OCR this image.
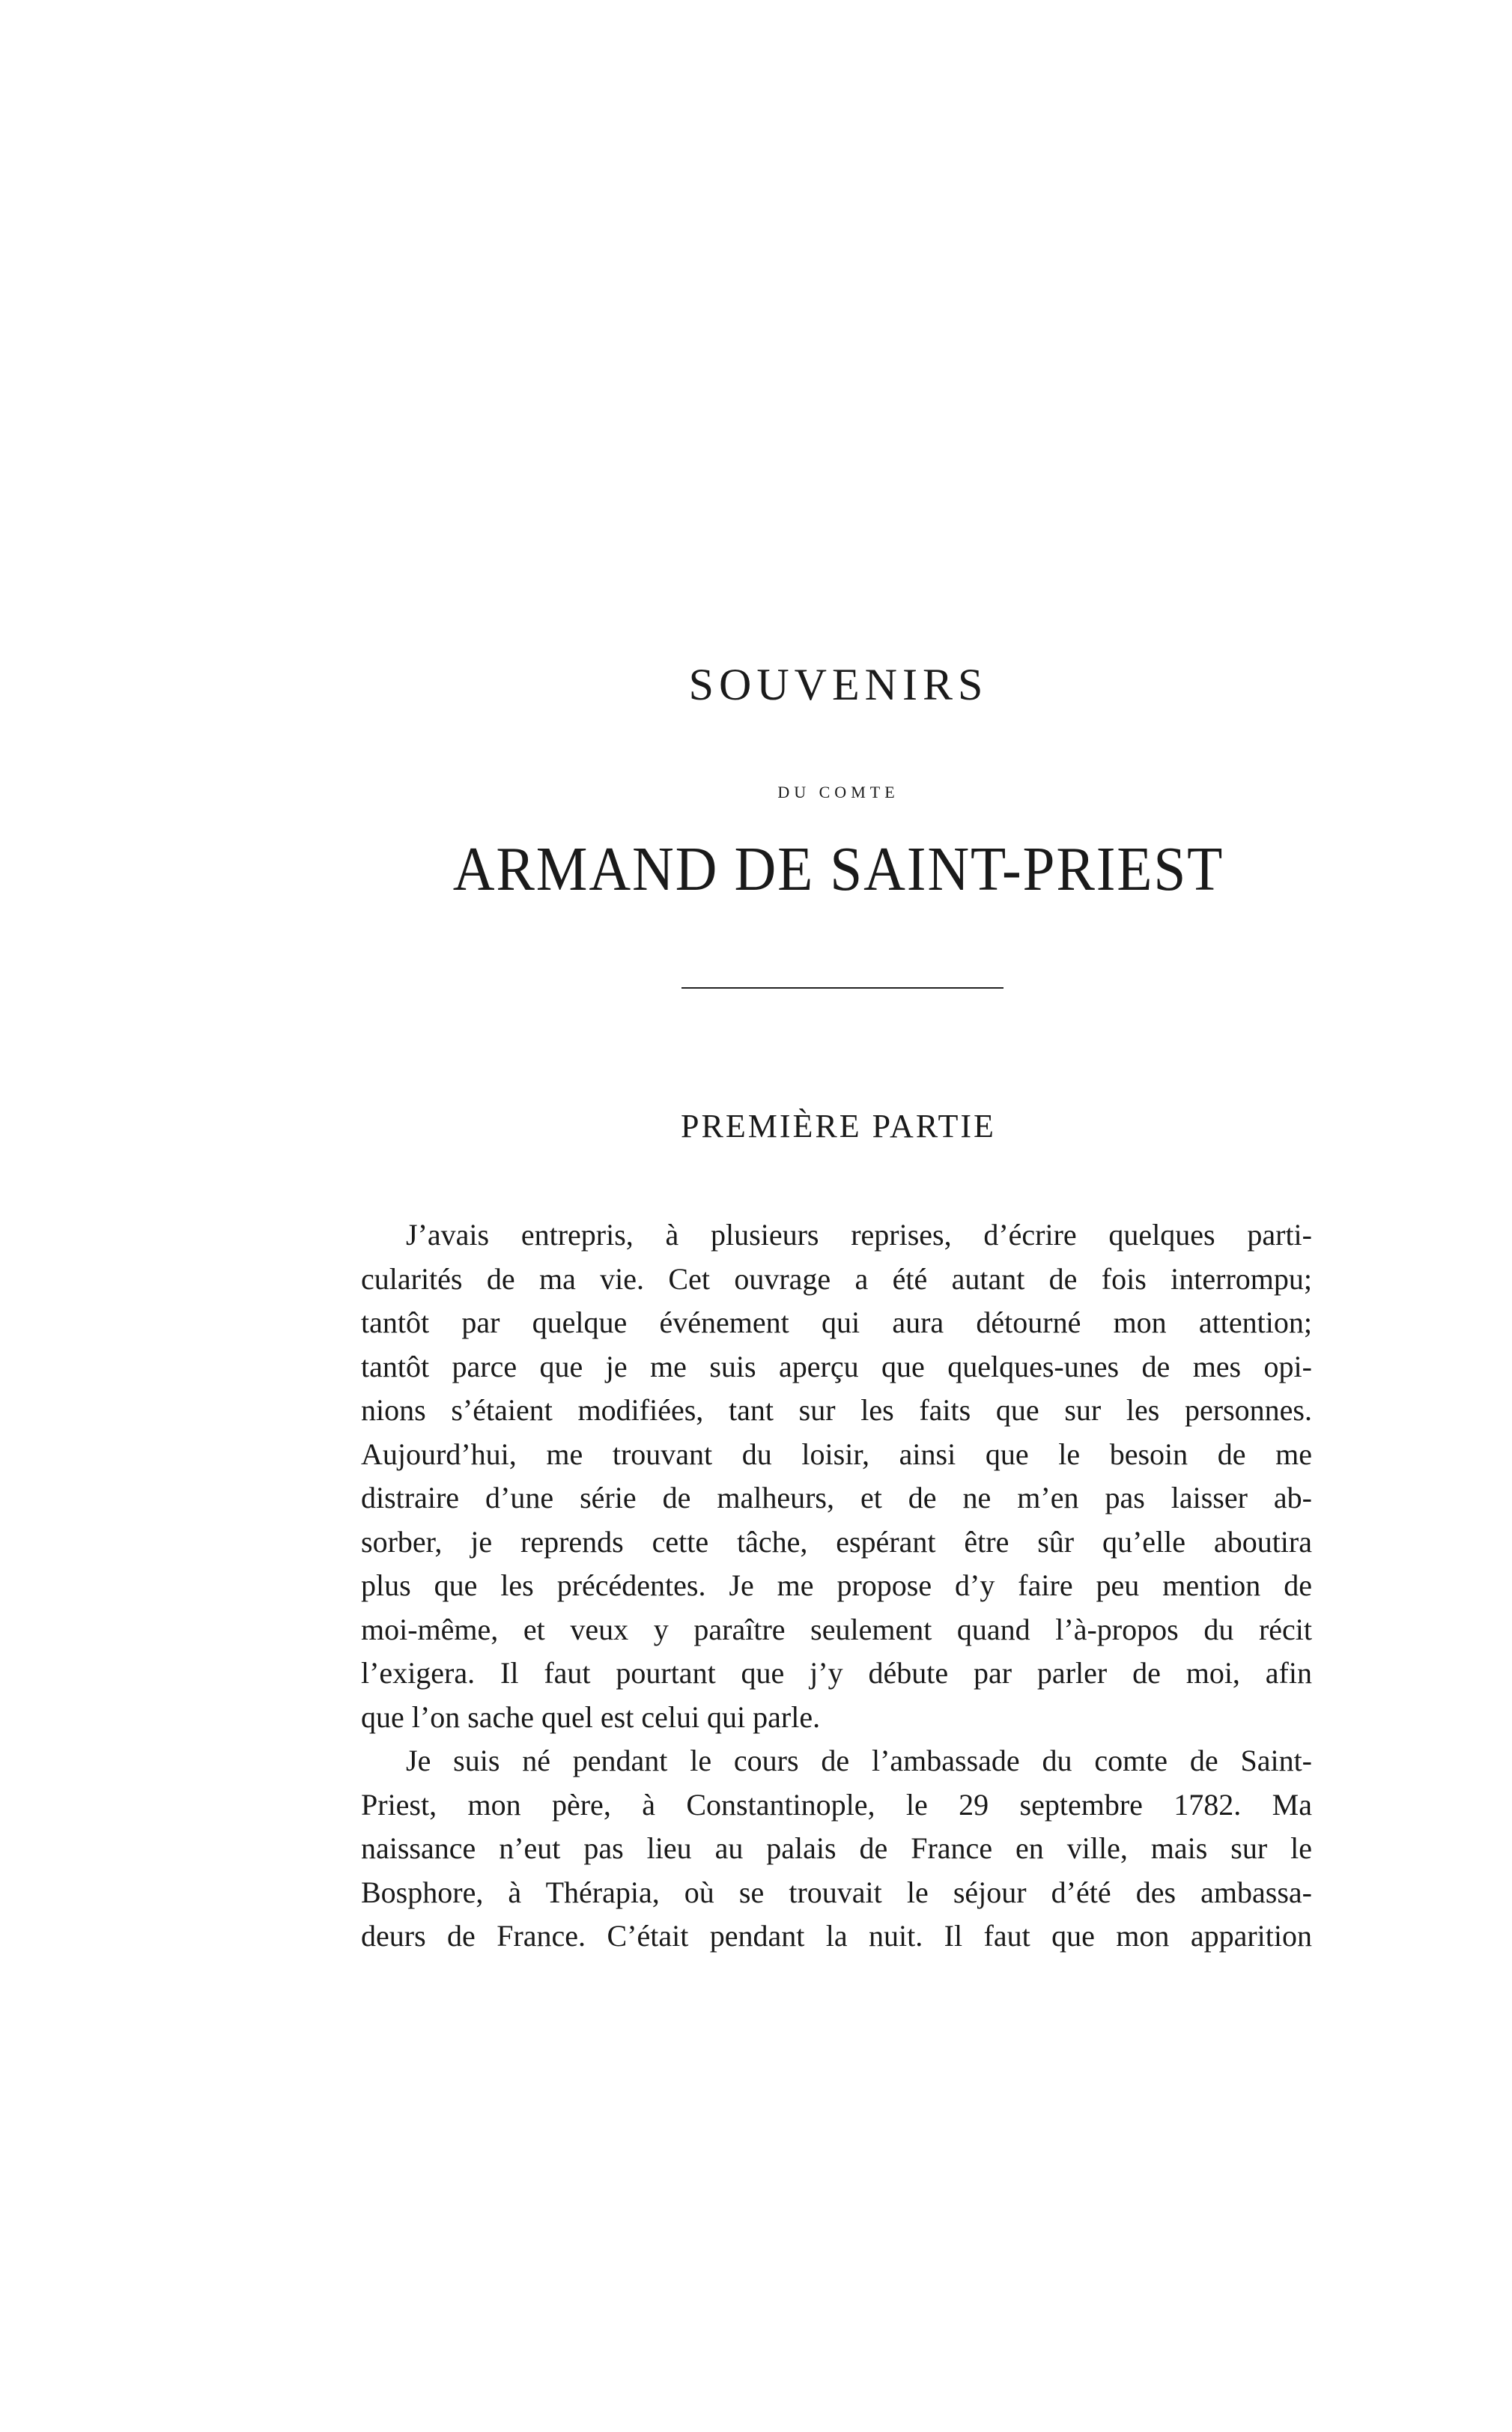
SOUVENIRS
DU COMTE
ARMAND DE SAINT-PRIEST
PREMIÈRE PARTIE
J’avais entrepris, à plusieurs reprises, d’écrire quelques parti-
cularités de ma vie. Cet ouvrage a été autant de fois interrompu;
tantôt par quelque événement qui aura détourné mon attention;
tantôt parce que je me suis aperçu que quelques-unes de mes opi-
nions s’étaient modifiées, tant sur les faits que sur les personnes.
Aujourd’hui, me trouvant du loisir, ainsi que le besoin de me
distraire d’une série de malheurs, et de ne m’en pas laisser ab-
sorber, je reprends cette tâche, espérant être sûr qu’elle aboutira
plus que les précédentes. Je me propose d’y faire peu mention de
moi-même, et veux y paraître seulement quand l’à-propos du récit
l’exigera. Il faut pourtant que j’y débute par parler de moi, afin
que l’on sache quel est celui qui parle.
Je suis né pendant le cours de l’ambassade du comte de Saint-
Priest, mon père, à Constantinople, le 29 septembre 1782. Ma
naissance n’eut pas lieu au palais de France en ville, mais sur le
Bosphore, à Thérapia, où se trouvait le séjour d’été des ambassa-
deurs de France. C’était pendant la nuit. Il faut que mon apparition
